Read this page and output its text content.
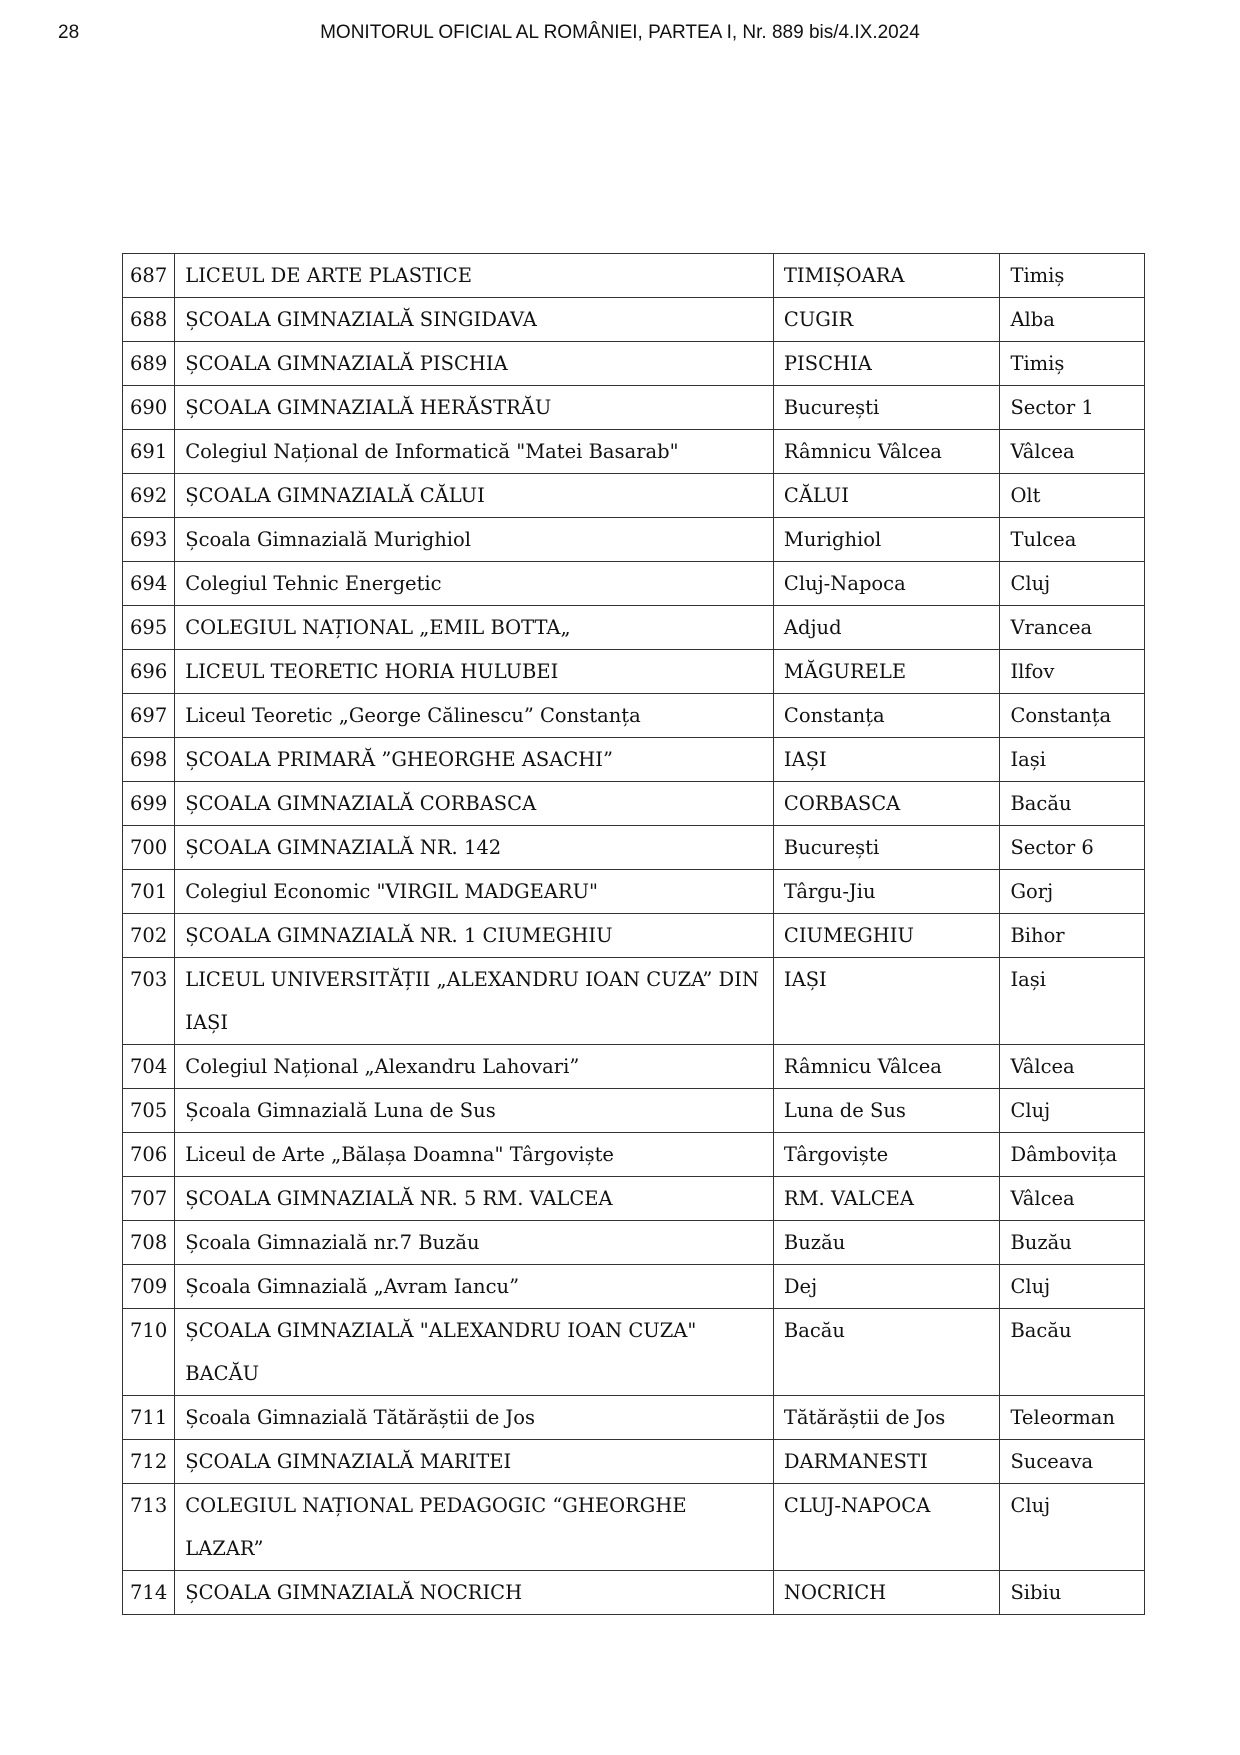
28	MONITORUL OFICIAL AL ROMÂNIEI, PARTEA I, Nr. 889 bis/4.IX.2024
687	LICEUL DE ARTE PLASTICE	TIMIȘOARA	Timiș
688	ȘCOALA GIMNAZIALĂ SINGIDAVA	CUGIR	Alba
689	ȘCOALA GIMNAZIALĂ PISCHIA	PISCHIA	Timiș
690	ȘCOALA GIMNAZIALĂ HERĂSTRĂU	București	Sector 1
691	Colegiul Național de Informatică "Matei Basarab"	Râmnicu Vâlcea	Vâlcea
692	ȘCOALA GIMNAZIALĂ CĂLUI	CĂLUI	Olt
693	Școala Gimnazială Murighiol	Murighiol	Tulcea
694	Colegiul Tehnic Energetic	Cluj-Napoca	Cluj
695	COLEGIUL NAȚIONAL „EMIL BOTTA„	Adjud	Vrancea
696	LICEUL TEORETIC HORIA HULUBEI	MĂGURELE	Ilfov
697	Liceul Teoretic „George Călinescu” Constanța	Constanța	Constanța
698	ȘCOALA PRIMARĂ ”GHEORGHE ASACHI”	IAȘI	Iași
699	ȘCOALA GIMNAZIALĂ CORBASCA	CORBASCA	Bacău
700	ȘCOALA GIMNAZIALĂ NR. 142	București	Sector 6
701	Colegiul Economic "VIRGIL MADGEARU"	Târgu-Jiu	Gorj
702	ȘCOALA GIMNAZIALĂ NR. 1 CIUMEGHIU	CIUMEGHIU	Bihor
703	LICEUL UNIVERSITĂȚII „ALEXANDRU IOAN CUZA” DIN IAȘI	IAȘI	Iași
704	Colegiul Național „Alexandru Lahovari”	Râmnicu Vâlcea	Vâlcea
705	Școala Gimnazială Luna de Sus	Luna de Sus	Cluj
706	Liceul de Arte „Bălașa Doamna" Târgoviște	Târgoviște	Dâmbovița
707	ȘCOALA GIMNAZIALĂ NR. 5 RM. VALCEA	RM. VALCEA	Vâlcea
708	Școala Gimnazială nr.7 Buzău	Buzău	Buzău
709	Școala Gimnazială „Avram Iancu”	Dej	Cluj
710	ȘCOALA GIMNAZIALĂ "ALEXANDRU IOAN CUZA" BACĂU	Bacău	Bacău
711	Școala Gimnazială Tătărăștii de Jos	Tătărăștii de Jos	Teleorman
712	ȘCOALA GIMNAZIALĂ MARITEI	DARMANESTI	Suceava
713	COLEGIUL NAȚIONAL PEDAGOGIC “GHEORGHE LAZAR”	CLUJ-NAPOCA	Cluj
714	ȘCOALA GIMNAZIALĂ NOCRICH	NOCRICH	Sibiu
